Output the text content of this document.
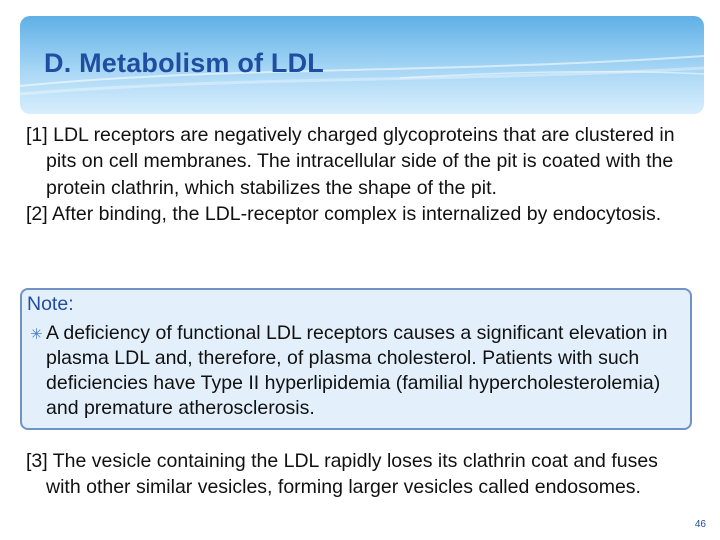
D. Metabolism of LDL

[1] LDL receptors are negatively charged glycoproteins that are clustered in pits on cell membranes. The intracellular side of the pit is coated with the protein clathrin, which stabilizes the shape of the pit.

[2] After binding, the LDL-receptor complex is internalized by endocytosis.

Note:
✳ A deficiency of functional LDL receptors causes a significant elevation in plasma LDL and, therefore, of plasma cholesterol. Patients with such deficiencies have Type II hyperlipidemia (familial hypercholesterolemia) and premature atherosclerosis.

[3] The vesicle containing the LDL rapidly loses its clathrin coat and fuses with other similar vesicles, forming larger vesicles called endosomes.

46
